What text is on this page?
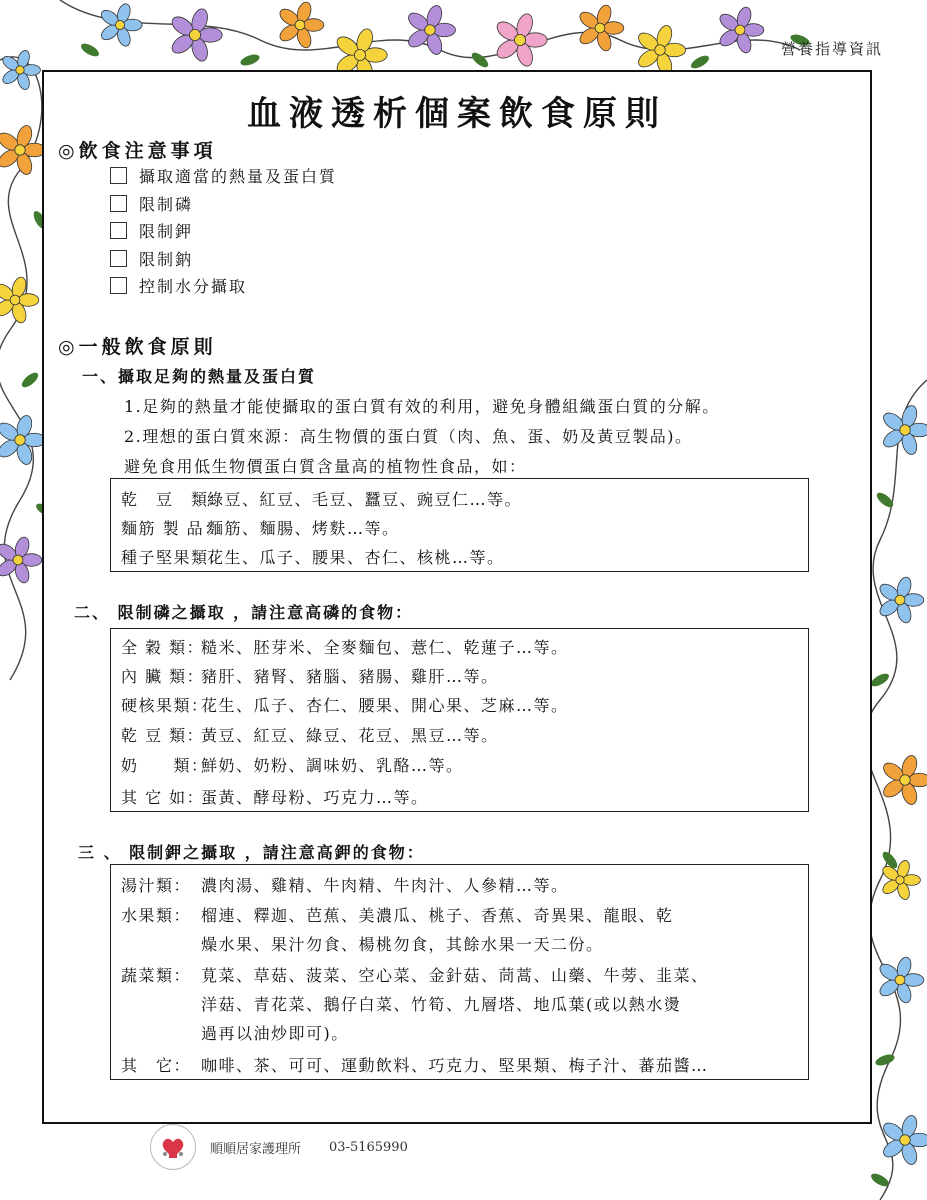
營養指導資訊
血液透析個案飲食原則
◎飲食注意事項
攝取適當的熱量及蛋白質
限制磷
限制鉀
限制鈉
控制水分攝取
◎一般飲食原則
一、攝取足夠的熱量及蛋白質
1.足夠的熱量才能使攝取的蛋白質有效的利用，避免身體組織蛋白質的分解。
2.理想的蛋白質來源：高生物價的蛋白質（肉、魚、蛋、奶及黃豆製品)。
避免食用低生物價蛋白質含量高的植物性食品，如：
乾　豆　類：
綠豆、紅豆、毛豆、蠶豆、豌豆仁…等。
麵筋 製 品：
麵筋、麵腸、烤麩…等。
種子堅果類：
花生、瓜子、腰果、杏仁、核桃…等。
二、 限制磷之攝取 ，請注意高磷的食物：
全 穀 類：
糙米、胚芽米、全麥麵包、薏仁、乾蓮子…等。
內 臟 類：
豬肝、豬腎、豬腦、豬腸、雞肝…等。
硬核果類：
花生、瓜子、杏仁、腰果、開心果、芝麻…等。
乾 豆 類：
黃豆、紅豆、綠豆、花豆、黑豆…等。
奶　　類：
鮮奶、奶粉、調味奶、乳酪…等。
其 它 如：
蛋黃、酵母粉、巧克力…等。
三 、 限制鉀之攝取 ，請注意高鉀的食物：
湯汁類： 濃肉湯、雞精、牛肉精、牛肉汁、人參精…等。
水果類： 榴連、釋迦、芭蕉、美濃瓜、桃子、香蕉、奇異果、龍眼、乾
燥水果、果汁勿食、楊桃勿食，其餘水果一天二份。
蔬菜類： 莧菜、草菇、菠菜、空心菜、金針菇、茼蒿、山藥、牛蒡、韭菜、
洋菇、青花菜、鵝仔白菜、竹筍、九層塔、地瓜葉(或以熱水燙
過再以油炒即可)。
其　它： 咖啡、茶、可可、運動飲料、巧克力、堅果類、梅子汁、蕃茄醬…
順順居家護理所 03-5165990
